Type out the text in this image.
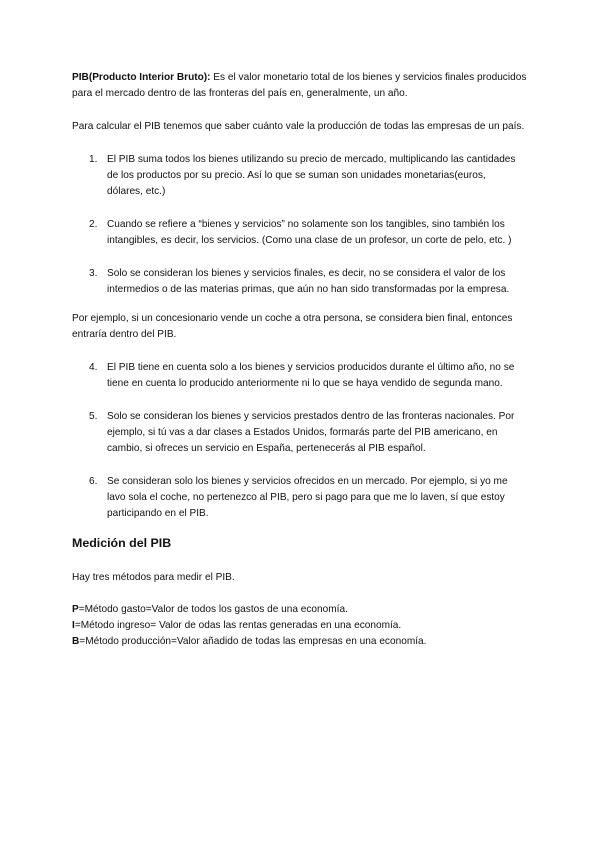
PIB(Producto Interior Bruto): Es el valor monetario total de los bienes y servicios finales producidos para el mercado dentro de las fronteras del país en, generalmente, un año.

Para calcular el PIB tenemos que saber cuánto vale la producción de todas las empresas de un país.

1. El PIB suma todos los bienes utilizando su precio de mercado, multiplicando las cantidades de los productos por su precio. Así lo que se suman son unidades monetarias(euros, dólares, etc.)
2. Cuando se refiere a “bienes y servicios” no solamente son los tangibles, sino también los intangibles, es decir, los servicios. (Como una clase de un profesor, un corte de pelo, etc. )
3. Solo se consideran los bienes y servicios finales, es decir, no se considera el valor de los intermedios o de las materias primas, que aún no han sido transformadas por la empresa.

Por ejemplo, si un concesionario vende un coche a otra persona, se considera bien final, entonces entraría dentro del PIB.

4. El PIB tiene en cuenta solo a los bienes y servicios producidos durante el último año, no se tiene en cuenta lo producido anteriormente ni lo que se haya vendido de segunda mano.
5. Solo se consideran los bienes y servicios prestados dentro de las fronteras nacionales. Por ejemplo, si tú vas a dar clases a Estados Unidos, formarás parte del PIB americano, en cambio, si ofreces un servicio en España, pertenecerás al PIB español.
6. Se consideran solo los bienes y servicios ofrecidos en un mercado. Por ejemplo, si yo me lavo sola el coche, no pertenezco al PIB, pero si pago para que me lo laven, sí que estoy participando en el PIB.
Medición del PIB

Hay tres métodos para medir el PIB.

P=Método gasto=Valor de todos los gastos de una economía.
I=Método ingreso= Valor de odas las rentas generadas en una economía.
B=Método producción=Valor añadido de todas las empresas en una economía.
